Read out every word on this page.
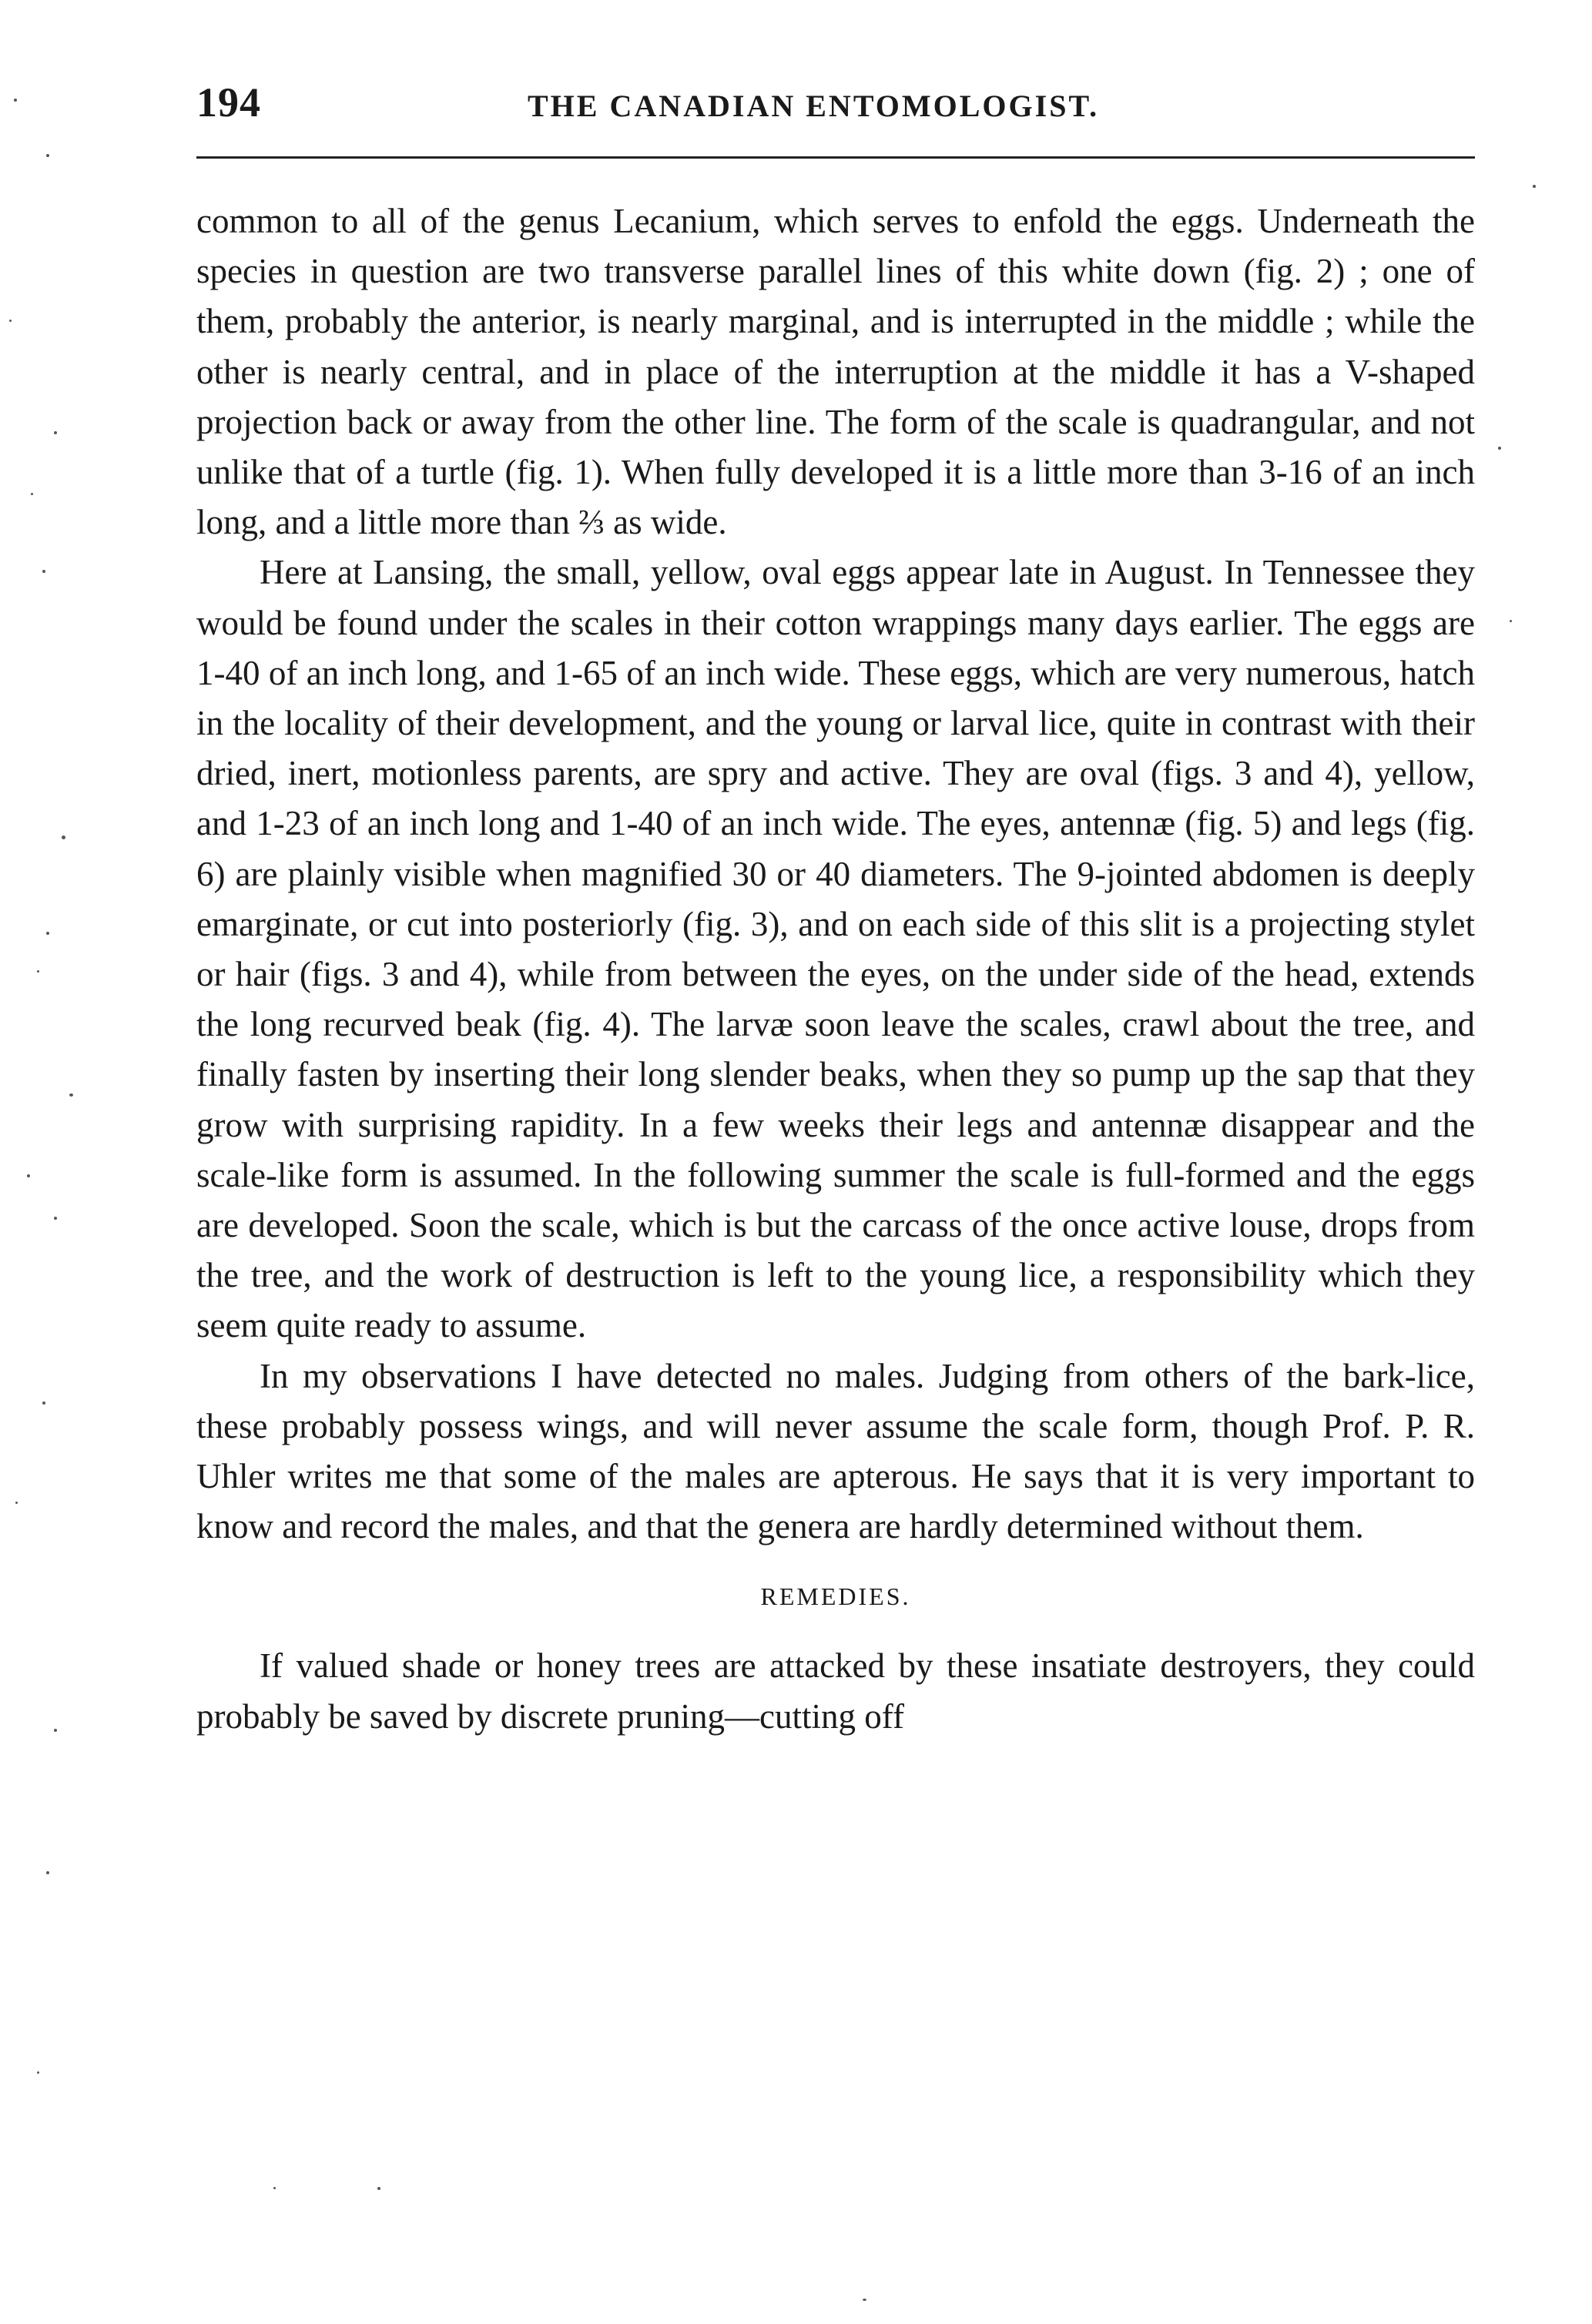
194	THE CANADIAN ENTOMOLOGIST.

common to all of the genus Lecanium, which serves to enfold the eggs. Underneath the species in question are two transverse parallel lines of this white down (fig. 2) ; one of them, probably the anterior, is nearly marginal, and is interrupted in the middle ; while the other is nearly central, and in place of the interruption at the middle it has a V-shaped projection back or away from the other line. The form of the scale is quadrangular, and not unlike that of a turtle (fig. 1). When fully developed it is a little more than 3-16 of an inch long, and a little more than ⅔ as wide.

Here at Lansing, the small, yellow, oval eggs appear late in August. In Tennessee they would be found under the scales in their cotton wrappings many days earlier. The eggs are 1-40 of an inch long, and 1-65 of an inch wide. These eggs, which are very numerous, hatch in the locality of their development, and the young or larval lice, quite in contrast with their dried, inert, motionless parents, are spry and active. They are oval (figs. 3 and 4), yellow, and 1-23 of an inch long and 1-40 of an inch wide. The eyes, antennæ (fig. 5) and legs (fig. 6) are plainly visible when magnified 30 or 40 diameters. The 9-jointed abdomen is deeply emarginate, or cut into posteriorly (fig. 3), and on each side of this slit is a projecting stylet or hair (figs. 3 and 4), while from between the eyes, on the under side of the head, extends the long recurved beak (fig. 4). The larvæ soon leave the scales, crawl about the tree, and finally fasten by inserting their long slender beaks, when they so pump up the sap that they grow with surprising rapidity. In a few weeks their legs and antennæ disappear and the scale-like form is assumed. In the following summer the scale is full-formed and the eggs are developed. Soon the scale, which is but the carcass of the once active louse, drops from the tree, and the work of destruction is left to the young lice, a responsibility which they seem quite ready to assume.

In my observations I have detected no males. Judging from others of the bark-lice, these probably possess wings, and will never assume the scale form, though Prof. P. R. Uhler writes me that some of the males are apterous. He says that it is very important to know and record the males, and that the genera are hardly determined without them.

REMEDIES.

If valued shade or honey trees are attacked by these insatiate destroyers, they could probably be saved by discrete pruning—cutting off
